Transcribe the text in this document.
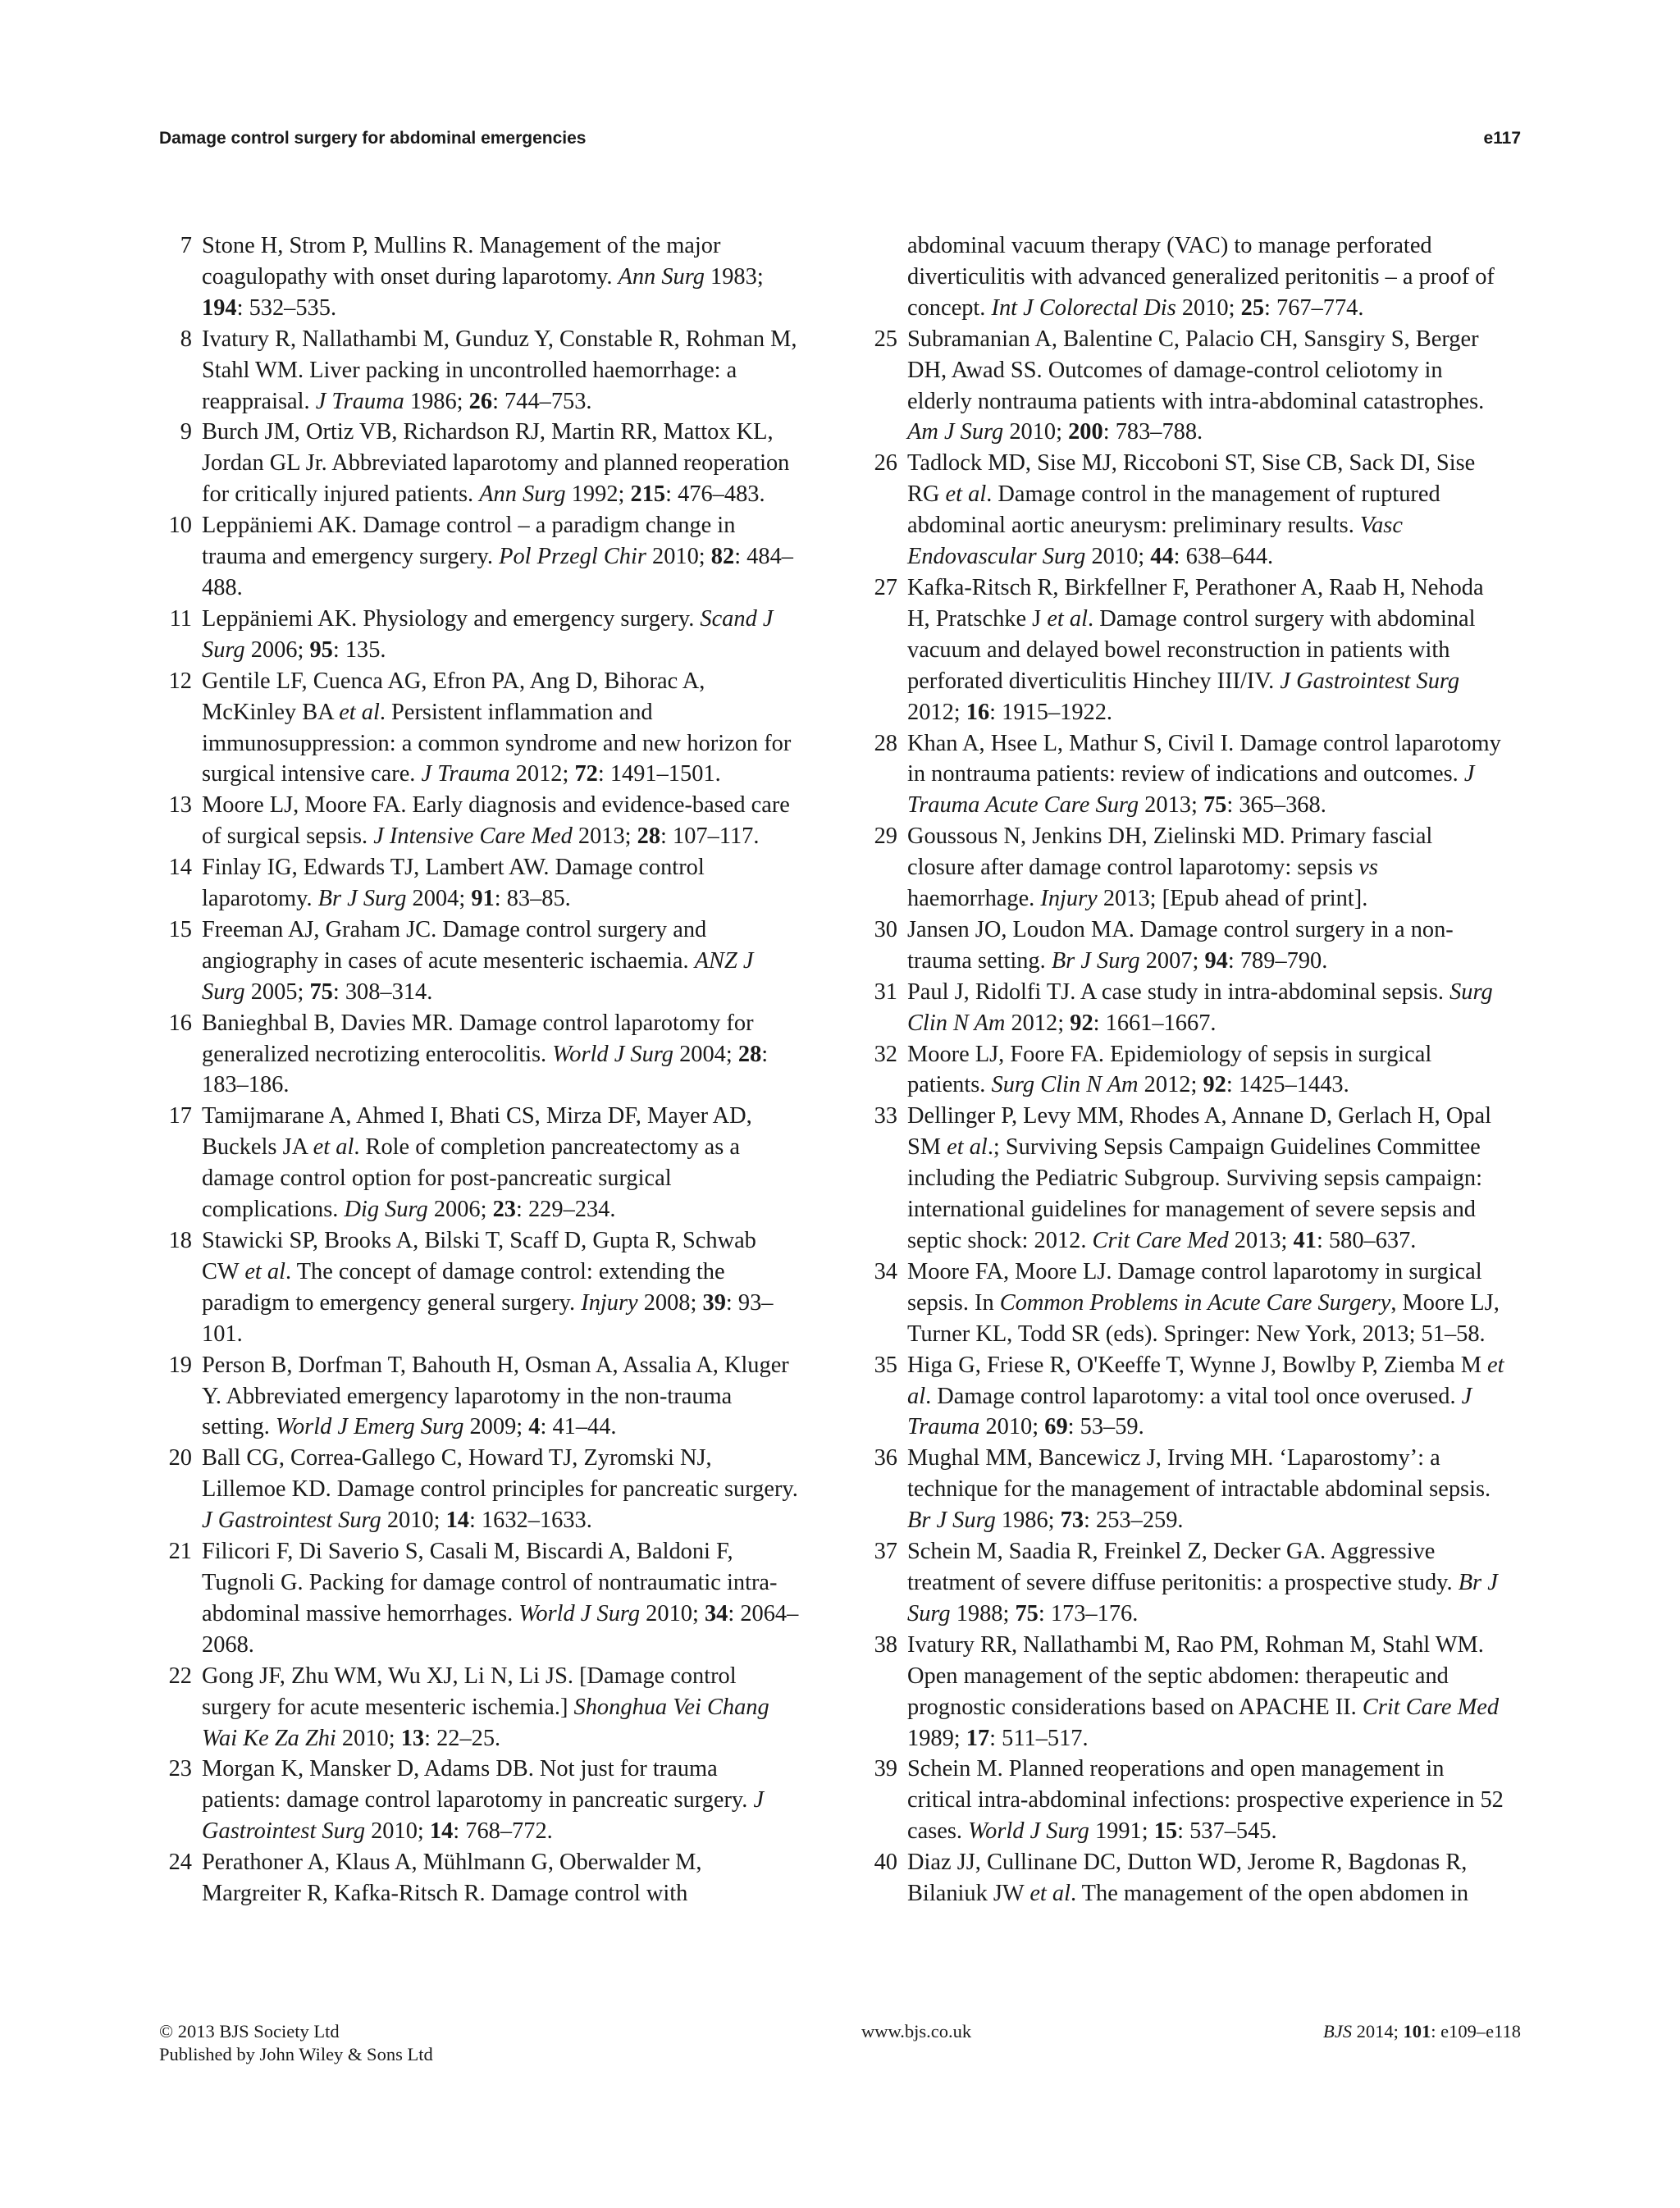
Damage control surgery for abdominal emergencies	e117

7 Stone H, Strom P, Mullins R. Management of the major coagulopathy with onset during laparotomy. Ann Surg 1983; 194: 532–535.

8 Ivatury R, Nallathambi M, Gunduz Y, Constable R, Rohman M, Stahl WM. Liver packing in uncontrolled haemorrhage: a reappraisal. J Trauma 1986; 26: 744–753.

9 Burch JM, Ortiz VB, Richardson RJ, Martin RR, Mattox KL, Jordan GL Jr. Abbreviated laparotomy and planned reoperation for critically injured patients. Ann Surg 1992; 215: 476–483.

10 Leppäniemi AK. Damage control – a paradigm change in trauma and emergency surgery. Pol Przegl Chir 2010; 82: 484–488.

11 Leppäniemi AK. Physiology and emergency surgery. Scand J Surg 2006; 95: 135.

12 Gentile LF, Cuenca AG, Efron PA, Ang D, Bihorac A, McKinley BA et al. Persistent inflammation and immunosuppression: a common syndrome and new horizon for surgical intensive care. J Trauma 2012; 72: 1491–1501.

13 Moore LJ, Moore FA. Early diagnosis and evidence-based care of surgical sepsis. J Intensive Care Med 2013; 28: 107–117.

14 Finlay IG, Edwards TJ, Lambert AW. Damage control laparotomy. Br J Surg 2004; 91: 83–85.

15 Freeman AJ, Graham JC. Damage control surgery and angiography in cases of acute mesenteric ischaemia. ANZ J Surg 2005; 75: 308–314.

16 Banieghbal B, Davies MR. Damage control laparotomy for generalized necrotizing enterocolitis. World J Surg 2004; 28: 183–186.

17 Tamijmarane A, Ahmed I, Bhati CS, Mirza DF, Mayer AD, Buckels JA et al. Role of completion pancreatectomy as a damage control option for post-pancreatic surgical complications. Dig Surg 2006; 23: 229–234.

18 Stawicki SP, Brooks A, Bilski T, Scaff D, Gupta R, Schwab CW et al. The concept of damage control: extending the paradigm to emergency general surgery. Injury 2008; 39: 93–101.

19 Person B, Dorfman T, Bahouth H, Osman A, Assalia A, Kluger Y. Abbreviated emergency laparotomy in the non-trauma setting. World J Emerg Surg 2009; 4: 41–44.

20 Ball CG, Correa-Gallego C, Howard TJ, Zyromski NJ, Lillemoe KD. Damage control principles for pancreatic surgery. J Gastrointest Surg 2010; 14: 1632–1633.

21 Filicori F, Di Saverio S, Casali M, Biscardi A, Baldoni F, Tugnoli G. Packing for damage control of nontraumatic intra-abdominal massive hemorrhages. World J Surg 2010; 34: 2064–2068.

22 Gong JF, Zhu WM, Wu XJ, Li N, Li JS. [Damage control surgery for acute mesenteric ischemia.] Shonghua Vei Chang Wai Ke Za Zhi 2010; 13: 22–25.

23 Morgan K, Mansker D, Adams DB. Not just for trauma patients: damage control laparotomy in pancreatic surgery. J Gastrointest Surg 2010; 14: 768–772.

24 Perathoner A, Klaus A, Mühlmann G, Oberwalder M, Margreiter R, Kafka-Ritsch R. Damage control with

abdominal vacuum therapy (VAC) to manage perforated diverticulitis with advanced generalized peritonitis – a proof of concept. Int J Colorectal Dis 2010; 25: 767–774.

25 Subramanian A, Balentine C, Palacio CH, Sansgiry S, Berger DH, Awad SS. Outcomes of damage-control celiotomy in elderly nontrauma patients with intra-abdominal catastrophes. Am J Surg 2010; 200: 783–788.

26 Tadlock MD, Sise MJ, Riccoboni ST, Sise CB, Sack DI, Sise RG et al. Damage control in the management of ruptured abdominal aortic aneurysm: preliminary results. Vasc Endovascular Surg 2010; 44: 638–644.

27 Kafka-Ritsch R, Birkfellner F, Perathoner A, Raab H, Nehoda H, Pratschke J et al. Damage control surgery with abdominal vacuum and delayed bowel reconstruction in patients with perforated diverticulitis Hinchey III/IV. J Gastrointest Surg 2012; 16: 1915–1922.

28 Khan A, Hsee L, Mathur S, Civil I. Damage control laparotomy in nontrauma patients: review of indications and outcomes. J Trauma Acute Care Surg 2013; 75: 365–368.

29 Goussous N, Jenkins DH, Zielinski MD. Primary fascial closure after damage control laparotomy: sepsis vs haemorrhage. Injury 2013; [Epub ahead of print].

30 Jansen JO, Loudon MA. Damage control surgery in a non-trauma setting. Br J Surg 2007; 94: 789–790.

31 Paul J, Ridolfi TJ. A case study in intra-abdominal sepsis. Surg Clin N Am 2012; 92: 1661–1667.

32 Moore LJ, Foore FA. Epidemiology of sepsis in surgical patients. Surg Clin N Am 2012; 92: 1425–1443.

33 Dellinger P, Levy MM, Rhodes A, Annane D, Gerlach H, Opal SM et al.; Surviving Sepsis Campaign Guidelines Committee including the Pediatric Subgroup. Surviving sepsis campaign: international guidelines for management of severe sepsis and septic shock: 2012. Crit Care Med 2013; 41: 580–637.

34 Moore FA, Moore LJ. Damage control laparotomy in surgical sepsis. In Common Problems in Acute Care Surgery, Moore LJ, Turner KL, Todd SR (eds). Springer: New York, 2013; 51–58.

35 Higa G, Friese R, O'Keeffe T, Wynne J, Bowlby P, Ziemba M et al. Damage control laparotomy: a vital tool once overused. J Trauma 2010; 69: 53–59.

36 Mughal MM, Bancewicz J, Irving MH. ‘Laparostomy’: a technique for the management of intractable abdominal sepsis. Br J Surg 1986; 73: 253–259.

37 Schein M, Saadia R, Freinkel Z, Decker GA. Aggressive treatment of severe diffuse peritonitis: a prospective study. Br J Surg 1988; 75: 173–176.

38 Ivatury RR, Nallathambi M, Rao PM, Rohman M, Stahl WM. Open management of the septic abdomen: therapeutic and prognostic considerations based on APACHE II. Crit Care Med 1989; 17: 511–517.

39 Schein M. Planned reoperations and open management in critical intra-abdominal infections: prospective experience in 52 cases. World J Surg 1991; 15: 537–545.

40 Diaz JJ, Cullinane DC, Dutton WD, Jerome R, Bagdonas R, Bilaniuk JW et al. The management of the open abdomen in

© 2013 BJS Society Ltd
Published by John Wiley & Sons Ltd
www.bjs.co.uk	BJS 2014; 101: e109–e118
